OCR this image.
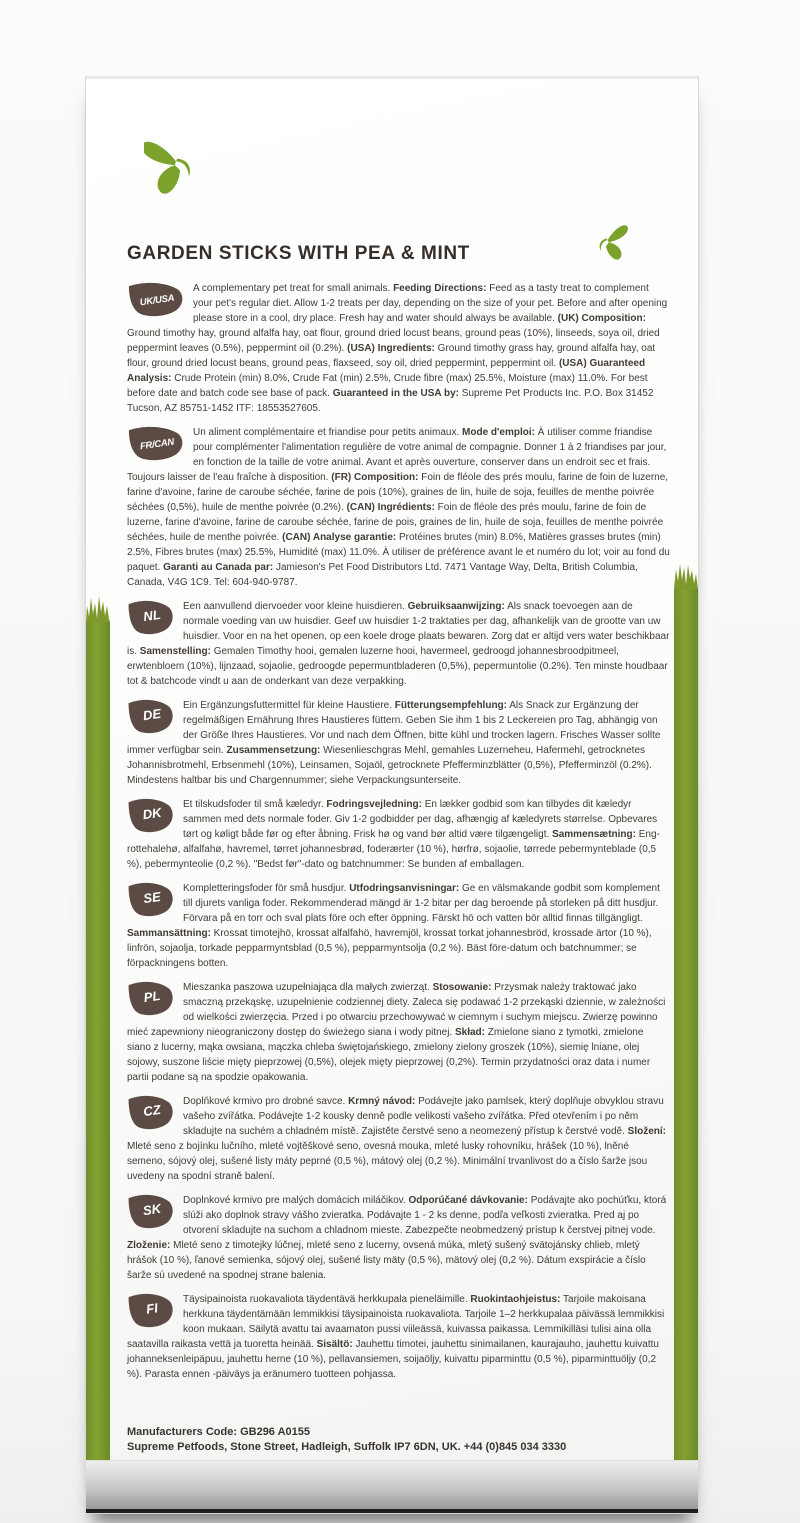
GARDEN STICKS WITH PEA & MINT
UK/USA
A complementary pet treat for small animals. Feeding Directions: Feed as a tasty treat to complement your pet's regular diet. Allow 1-2 treats per day, depending on the size of your pet. Before and after opening please store in a cool, dry place. Fresh hay and water should always be available. (UK) Composition: Ground timothy hay, ground alfalfa hay, oat flour, ground dried locust beans, ground peas (10%), linseeds, soya oil, dried peppermint leaves (0.5%), peppermint oil (0.2%). (USA) Ingredients: Ground timothy grass hay, ground alfalfa hay, oat flour, ground dried locust beans, ground peas, flaxseed, soy oil, dried peppermint, peppermint oil. (USA) Guaranteed Analysis: Crude Protein (min) 8.0%, Crude Fat (min) 2.5%, Crude fibre (max) 25.5%, Moisture (max) 11.0%. For best before date and batch code see base of pack. Guaranteed in the USA by: Supreme Pet Products Inc. P.O. Box 31452 Tucson, AZ 85751-1452 ITF: 18553527605.
FR/CAN
Un aliment complémentaire et friandise pour petits animaux. Mode d'emploi: À utiliser comme friandise pour complémenter l'alimentation regulière de votre animal de compagnie. Donner 1 à 2 friandises par jour, en fonction de la taille de votre animal. Avant et après ouverture, conserver dans un endroit sec et frais. Toujours laisser de l'eau fraîche à disposition. (FR) Composition: Foin de fléole des prés moulu, farine de foin de luzerne, farine d'avoine, farine de caroube séchée, farine de pois (10%), graines de lin, huile de soja, feuilles de menthe poivrée séchées (0,5%), huile de menthe poivrée (0.2%). (CAN) Ingrédients: Foin de fléole des prés moulu, farine de foin de luzerne, farine d'avoine, farine de caroube séchée, farine de pois, graines de lin, huile de soja, feuilles de menthe poivrée séchées, huile de menthe poivrée. (CAN) Analyse garantie: Protéines brutes (min) 8.0%, Matières grasses brutes (min) 2.5%, Fibres brutes (max) 25.5%, Humidité (max) 11.0%. À utiliser de préférence avant le et numéro du lot; voir au fond du paquet. Garanti au Canada par: Jamieson's Pet Food Distributors Ltd. 7471 Vantage Way, Delta, British Columbia, Canada, V4G 1C9. Tel: 604-940-9787.
NL
Een aanvullend diervoeder voor kleine huisdieren. Gebruiksaanwijzing: Als snack toevoegen aan de normale voeding van uw huisdier. Geef uw huisdier 1-2 traktaties per dag, afhankelijk van de grootte van uw huisdier. Voor en na het openen, op een koele droge plaats bewaren. Zorg dat er altijd vers water beschikbaar is. Samenstelling: Gemalen Timothy hooi, gemalen luzerne hooi, havermeel, gedroogd johannesbroodpitmeel, erwtenbloem (10%), lijnzaad, sojaolie, gedroogde pepermuntbladeren (0,5%), pepermuntolie (0.2%). Ten minste houdbaar tot & batchcode vindt u aan de onderkant van deze verpakking.
DE
Ein Ergänzungsfuttermittel für kleine Haustiere. Fütterungsempfehlung: Als Snack zur Ergänzung der regelmäßigen Ernährung Ihres Haustieres füttern. Geben Sie ihm 1 bis 2 Leckereien pro Tag, abhängig von der Größe Ihres Haustieres. Vor und nach dem Öffnen, bitte kühl und trocken lagern. Frisches Wasser sollte immer verfügbar sein. Zusammensetzung: Wiesenlieschgras Mehl, gemahles Luzerneheu, Hafermehl, getrocknetes Johannisbrotmehl, Erbsenmehl (10%), Leinsamen, Sojaöl, getrocknete Pfefferminzblätter (0,5%), Pfefferminzöl (0.2%). Mindestens haltbar bis und Chargennummer; siehe Verpackungsunterseite.
DK
Et tilskudsfoder til små kæledyr. Fodringsvejledning: En lækker godbid som kan tilbydes dit kæledyr sammen med dets normale foder. Giv 1-2 godbidder per dag, afhængig af kæledyrets størrelse. Opbevares tørt og køligt både før og efter åbning. Frisk hø og vand bør altid være tilgængeligt. Sammensætning: Eng-rottehalehø, alfalfahø, havremel, tørret johannesbrød, foderærter (10 %), hørfrø, sojaolie, tørrede pebermynteblade (0,5 %), pebermynteolie (0,2 %). "Bedst før"-dato og batchnummer: Se bunden af emballagen.
SE
Kompletteringsfoder för små husdjur. Utfodringsanvisningar: Ge en välsmakande godbit som komplement till djurets vanliga foder. Rekommenderad mängd är 1-2 bitar per dag beroende på storleken på ditt husdjur. Förvara på en torr och sval plats före och efter öppning. Färskt hö och vatten bör alltid finnas tillgängligt. Sammansättning: Krossat timotejhö, krossat alfalfahö, havremjöl, krossat torkat johannesbröd, krossade ärtor (10 %), linfrön, sojaolja, torkade pepparmyntsblad (0,5 %), pepparmyntsolja (0,2 %). Bäst före-datum och batchnummer; se förpackningens botten.
PL
Mieszanka paszowa uzupełniająca dla małych zwierząt. Stosowanie: Przysmak należy traktować jako smaczną przekąskę, uzupełnienie codziennej diety. Zaleca się podawać 1-2 przekąski dziennie, w zależności od wielkości zwierzęcia. Przed i po otwarciu przechowywać w ciemnym i suchym miejscu. Zwierzę powinno mieć zapewniony nieograniczony dostęp do świeżego siana i wody pitnej. Skład: Zmielone siano z tymotki, zmielone siano z lucerny, mąka owsiana, mączka chleba świętojańskiego, zmielony zielony groszek (10%), siemię lniane, olej sojowy, suszone liście mięty pieprzowej (0,5%), olejek mięty pieprzowej (0,2%). Termin przydatności oraz data i numer partii podane są na spodzie opakowania.
CZ
Doplňkové krmivo pro drobné savce. Krmný návod: Podávejte jako pamlsek, který doplňuje obvyklou stravu vašeho zvířátka. Podávejte 1-2 kousky denně podle velikosti vašeho zvířátka. Před otevřením i po něm skladujte na suchém a chladném místě. Zajistěte čerstvé seno a neomezený přístup k čerstvé vodě. Složení: Mleté seno z bojínku lučního, mleté vojtěškové seno, ovesná mouka, mleté lusky rohovníku, hrášek (10 %), lněné semeno, sójový olej, sušené listy máty peprné (0,5 %), mátový olej (0,2 %). Minimální trvanlivost do a číslo šarže jsou uvedeny na spodní straně balení.
SK
Doplnkové krmivo pre malých domácich miláčikov. Odporúčané dávkovanie: Podávajte ako pochúťku, ktorá slúži ako doplnok stravy vášho zvieratka. Podávajte 1 - 2 ks denne, podľa veľkosti zvieratka. Pred aj po otvorení skladujte na suchom a chladnom mieste. Zabezpečte neobmedzený prístup k čerstvej pitnej vode. Zloženie: Mleté seno z timotejky lúčnej, mleté seno z lucerny, ovsená múka, mletý sušený svätojánsky chlieb, mletý hrášok (10 %), ľanové semienka, sójový olej, sušené listy mäty (0,5 %), mätový olej (0,2 %). Dátum exspirácie a číslo šarže sú uvedené na spodnej strane balenia.
FI
Täysipainoista ruokavaliota täydentävä herkkupala pieneläimille. Ruokintaohjeistus: Tarjoile makoisana herkkuna täydentämään lemmikkisi täysipainoista ruokavaliota. Tarjoile 1–2 herkkupalaa päivässä lemmikkisi koon mukaan. Säilytä avattu tai avaamaton pussi viileässä, kuivassa paikassa. Lemmikilläsi tulisi aina olla saatavilla raikasta vettä ja tuoretta heinää. Sisältö: Jauhettu timotei, jauhettu sinimailanen, kaurajauho, jauhettu kuivattu johanneksenleipäpuu, jauhettu herne (10 %), pellavansiemen, soijaöljy, kuivattu piparminttu (0,5 %), piparminttuöljy (0,2 %). Parasta ennen -päiväys ja eränumero tuotteen pohjassa.
Manufacturers Code: GB296 A0155
Supreme Petfoods, Stone Street, Hadleigh, Suffolk IP7 6DN, UK. +44 (0)845 034 3330
